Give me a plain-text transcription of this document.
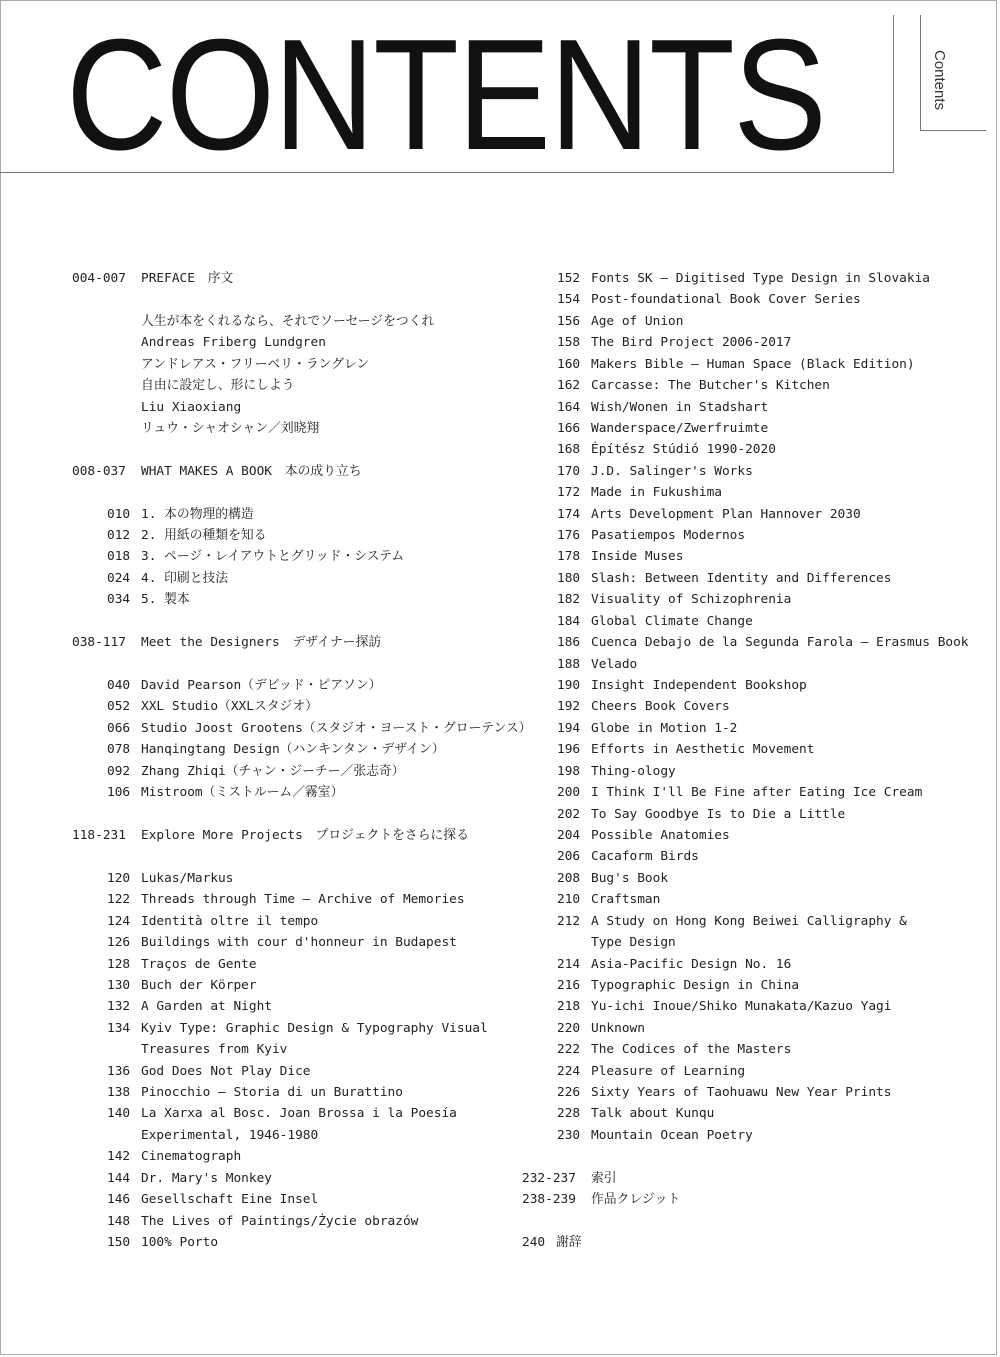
CONTENTS	Contents
004-007 PREFACE　序文
人生が本をくれるなら、それでソーセージをつくれ
Andreas Friberg Lundgren
アンドレアス・フリーベリ・ラングレン
自由に設定し、形にしよう
Liu Xiaoxiang
リュウ・シャオシャン／刘晓翔
008-037 WHAT MAKES A BOOK　本の成り立ち
010 1. 本の物理的構造
012 2. 用紙の種類を知る
018 3. ページ・レイアウトとグリッド・システム
024 4. 印刷と技法
034 5. 製本
038-117 Meet the Designers　デザイナー探訪
040 David Pearson（デビッド・ピアソン）
052 XXL Studio（XXLスタジオ）
066 Studio Joost Grootens（スタジオ・ヨースト・グローテンス）
078 Hanqingtang Design（ハンキンタン・デザイン）
092 Zhang Zhiqi（チャン・ジーチー／张志奇）
106 Mistroom（ミストルーム／霧室）
118-231 Explore More Projects　プロジェクトをさらに探る
120 Lukas/Markus
122 Threads through Time — Archive of Memories
124 Identità oltre il tempo
126 Buildings with cour d'honneur in Budapest
128 Traços de Gente
130 Buch der Körper
132 A Garden at Night
134 Kyiv Type: Graphic Design & Typography Visual
Treasures from Kyiv
136 God Does Not Play Dice
138 Pinocchio – Storia di un Burattino
140 La Xarxa al Bosc. Joan Brossa i la Poesía
Experimental, 1946-1980
142 Cinematograph
144 Dr. Mary's Monkey
146 Gesellschaft Eine Insel
148 The Lives of Paintings/Życie obrazów
150 100% Porto
152 Fonts SK — Digitised Type Design in Slovakia
154 Post-foundational Book Cover Series
156 Age of Union
158 The Bird Project 2006-2017
160 Makers Bible — Human Space (Black Edition)
162 Carcasse: The Butcher's Kitchen
164 Wish/Wonen in Stadshart
166 Wanderspace/Zwerfruimte
168 Építész Stúdió 1990-2020
170 J.D. Salinger's Works
172 Made in Fukushima
174 Arts Development Plan Hannover 2030
176 Pasatiempos Modernos
178 Inside Muses
180 Slash: Between Identity and Differences
182 Visuality of Schizophrenia
184 Global Climate Change
186 Cuenca Debajo de la Segunda Farola — Erasmus Book
188 Velado
190 Insight Independent Bookshop
192 Cheers Book Covers
194 Globe in Motion 1-2
196 Efforts in Aesthetic Movement
198 Thing-ology
200 I Think I'll Be Fine after Eating Ice Cream
202 To Say Goodbye Is to Die a Little
204 Possible Anatomies
206 Cacaform Birds
208 Bug's Book
210 Craftsman
212 A Study on Hong Kong Beiwei Calligraphy &
Type Design
214 Asia-Pacific Design No. 16
216 Typographic Design in China
218 Yu-ichi Inoue/Shiko Munakata/Kazuo Yagi
220 Unknown
222 The Codices of the Masters
224 Pleasure of Learning
226 Sixty Years of Taohuawu New Year Prints
228 Talk about Kunqu
230 Mountain Ocean Poetry
232-237 索引
238-239 作品クレジット
240 謝辞
